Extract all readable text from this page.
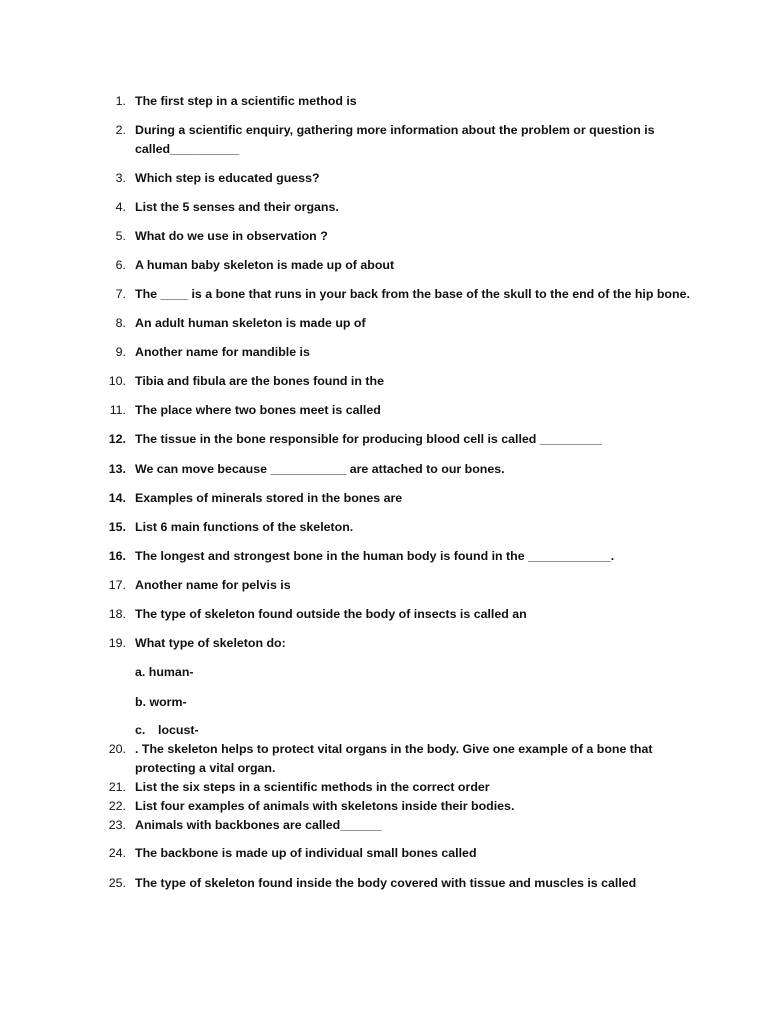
1. The first step in a scientific method is
2. During a scientific enquiry, gathering more information about the problem or question is called__________
3. Which step is educated guess?
4. List the 5 senses and their organs.
5. What do we use in observation ?
6. A human baby skeleton is made up of about
7. The ____ is a bone that runs in your back from the base of the skull to the end of the hip bone.
8. An adult human skeleton is made up of
9. Another name for mandible is
10. Tibia and fibula are the bones found in the
11. The place where two bones meet is called
12. The tissue in the bone responsible for producing blood cell is called _________
13. We can move because ___________ are attached to our bones.
14. Examples of minerals stored in the bones are
15. List 6 main functions of the skeleton.
16. The longest and strongest bone in the human body is found in the ____________.
17. Another name for pelvis is
18. The type of skeleton found outside the body of insects is called an
19. What type of skeleton do:
a. human-
b. worm-
c. locust-
20. . The skeleton helps to protect vital organs in the body. Give one example of a bone that protecting a vital organ.
21. List the six steps in a scientific methods in the correct order
22. List four examples of animals with skeletons inside their bodies.
23. Animals with backbones are called______
24. The backbone is made up of individual small bones called
25. The type of skeleton found inside the body covered with tissue and muscles is called
